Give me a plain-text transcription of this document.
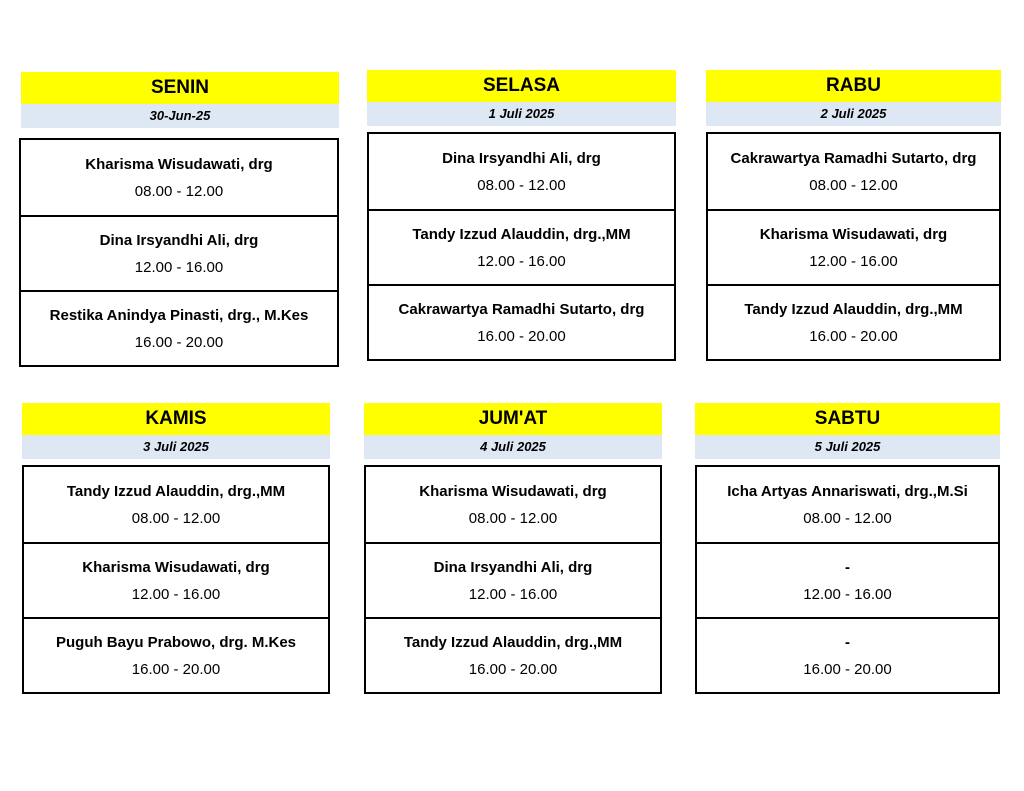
SENIN
30-Jun-25
Kharisma Wisudawati, drg
08.00 - 12.00
Dina Irsyandhi Ali, drg
12.00 - 16.00
Restika Anindya Pinasti, drg., M.Kes
16.00 - 20.00
SELASA
1 Juli 2025
Dina Irsyandhi Ali, drg
08.00 - 12.00
Tandy Izzud Alauddin, drg.,MM
12.00 - 16.00
Cakrawartya Ramadhi Sutarto, drg
16.00 - 20.00
RABU
2 Juli 2025
Cakrawartya Ramadhi Sutarto, drg
08.00 - 12.00
Kharisma Wisudawati, drg
12.00 - 16.00
Tandy Izzud Alauddin, drg.,MM
16.00 - 20.00
KAMIS
3 Juli 2025
Tandy Izzud Alauddin, drg.,MM
08.00 - 12.00
Kharisma Wisudawati, drg
12.00 - 16.00
Puguh Bayu Prabowo, drg. M.Kes
16.00 - 20.00
JUM'AT
4 Juli 2025
Kharisma Wisudawati, drg
08.00 - 12.00
Dina Irsyandhi Ali, drg
12.00 - 16.00
Tandy Izzud Alauddin, drg.,MM
16.00 - 20.00
SABTU
5 Juli 2025
Icha Artyas Annariswati, drg.,M.Si
08.00 - 12.00
-
12.00 - 16.00
-
16.00 - 20.00
